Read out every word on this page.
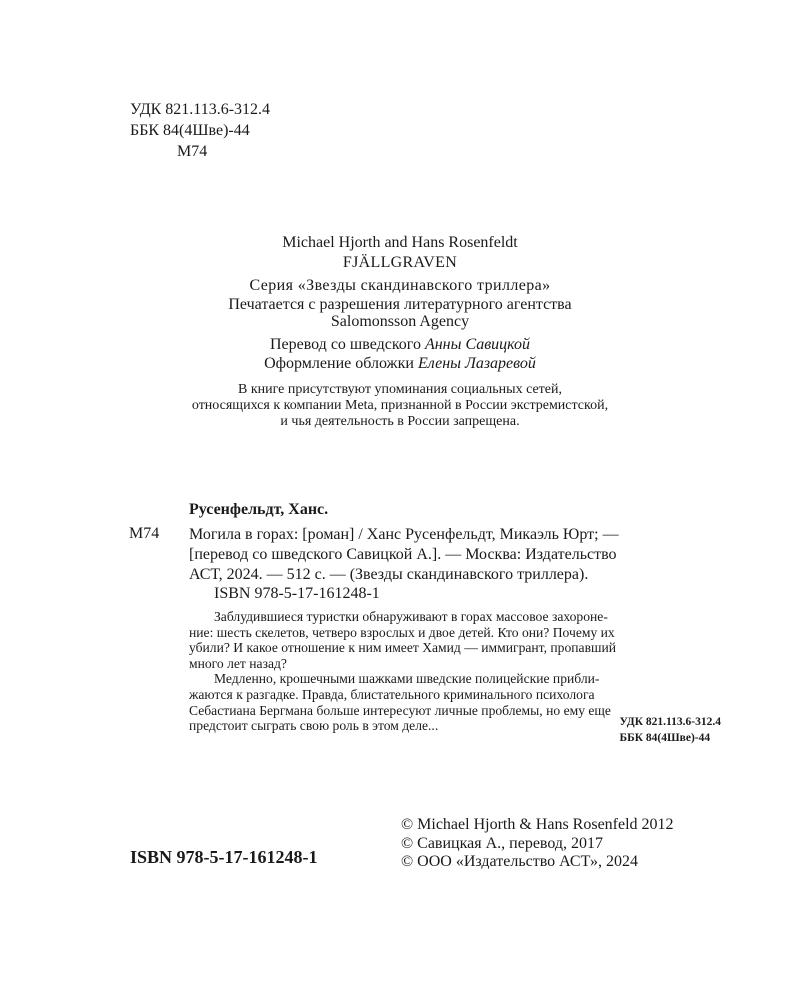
УДК 821.113.6-312.4
ББК 84(4Шве)-44
М74
Michael Hjorth and Hans Rosenfeldt
FJÄLLGRAVEN
Серия «Звезды скандинавского триллера»
Печатается с разрешения литературного агентства
Salomonsson Agency
Перевод со шведского Анны Савицкой
Оформление обложки Елены Лазаревой
В книге присутствуют упоминания социальных сетей,
относящихся к компании Meta, признанной в России экстремистской,
и чья деятельность в России запрещена.
Русенфельдт, Ханс.
М74 Могила в горах: [роман] / Ханс Русенфельдт, Микаэль Юрт; —
[перевод со шведского Савицкой А.]. — Москва: Издательство
АСТ, 2024. — 512 с. — (Звезды скандинавского триллера).
ISBN 978-5-17-161248-1
Заблудившиеся туристки обнаруживают в горах массовое захороне-
ние: шесть скелетов, четверо взрослых и двое детей. Кто они? Почему их
убили? И какое отношение к ним имеет Хамид — иммигрант, пропавший
много лет назад?
Медленно, крошечными шажками шведские полицейские прибли-
жаются к разгадке. Правда, блистательного криминального психолога
Себастиана Бергмана больше интересуют личные проблемы, но ему еще
предстоит сыграть свою роль в этом деле...	УДК 821.113.6-312.4
ББК 84(4Шве)-44
© Michael Hjorth & Hans Rosenfeld 2012
© Савицкая А., перевод, 2017
© ООО «Издательство АСТ», 2024
ISBN 978-5-17-161248-1
